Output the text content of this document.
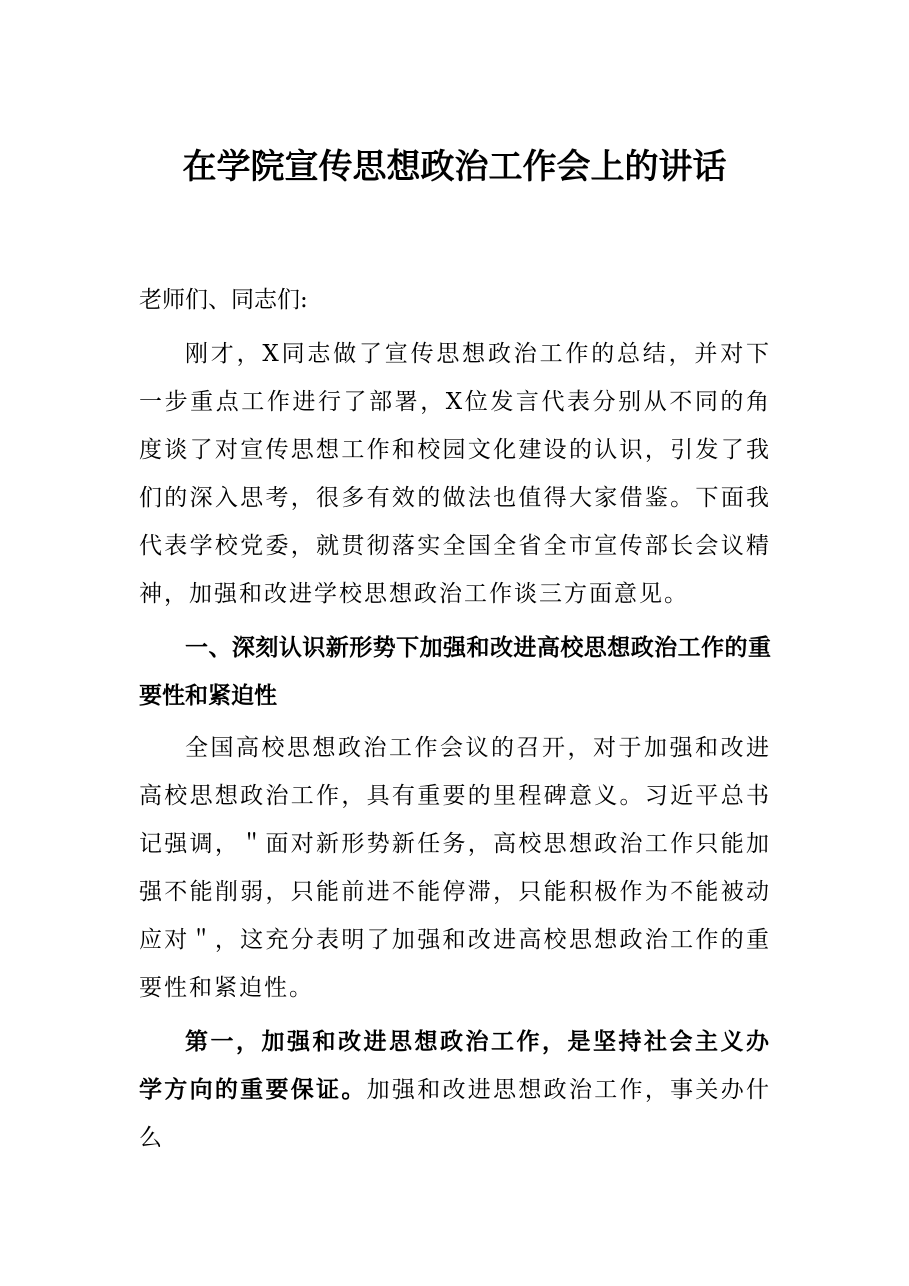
在学院宣传思想政治工作会上的讲话

老师们、同志们:

刚才，X同志做了宣传思想政治工作的总结，并对下一步重点工作进行了部署，X位发言代表分别从不同的角度谈了对宣传思想工作和校园文化建设的认识，引发了我们的深入思考，很多有效的做法也值得大家借鉴。下面我代表学校党委，就贯彻落实全国全省全市宣传部长会议精神，加强和改进学校思想政治工作谈三方面意见。

一、深刻认识新形势下加强和改进高校思想政治工作的重要性和紧迫性

全国高校思想政治工作会议的召开，对于加强和改进高校思想政治工作，具有重要的里程碑意义。习近平总书记强调，＂面对新形势新任务，高校思想政治工作只能加强不能削弱，只能前进不能停滞，只能积极作为不能被动应对＂，这充分表明了加强和改进高校思想政治工作的重要性和紧迫性。

第一，加强和改进思想政治工作，是坚持社会主义办学方向的重要保证。加强和改进思想政治工作，事关办什么
